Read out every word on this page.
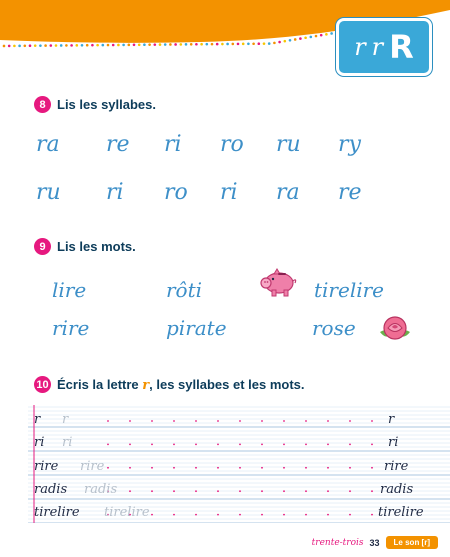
r r R
8 Lis les syllabes.
ra re ri ro ru ry
ru ri ro ri ra re
9 Lis les mots.
lire	rôti	tirelire
rire	pirate	rose
10 Écris la lettre r, les syllabes et les mots.
r r	r
ri ri	ri
rire rire	rire
radis radis	radis
tirelire tirelire	tirelire
trente-trois 33	Le son [r]
